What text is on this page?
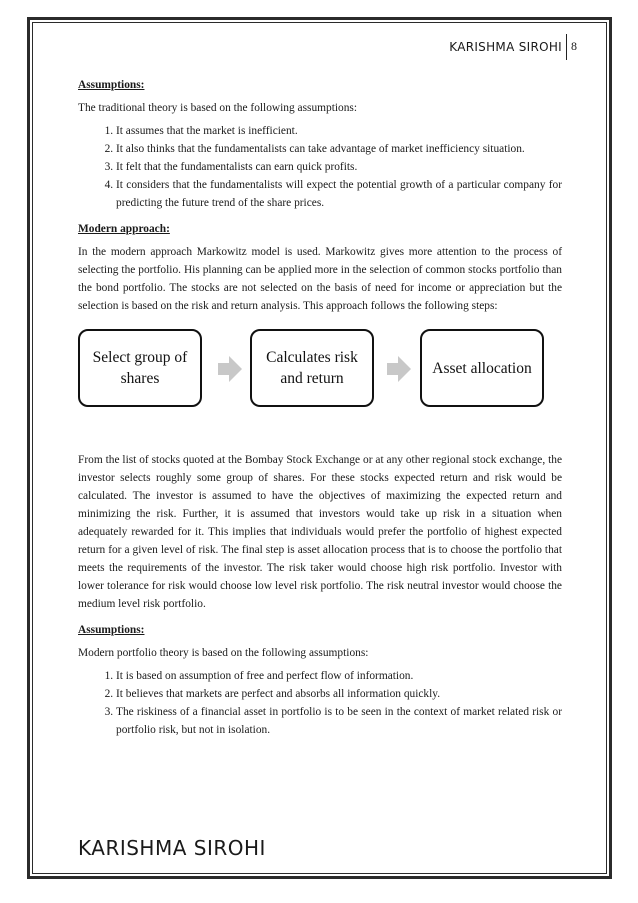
KARISHMA SIROHI 8
Assumptions:

The traditional theory is based on the following assumptions:

1. It assumes that the market is inefficient.
2. It also thinks that the fundamentalists can take advantage of market inefficiency situation.
3. It felt that the fundamentalists can earn quick profits.
4. It considers that the fundamentalists will expect the potential growth of a particular company for predicting the future trend of the share prices.
Modern approach:

In the modern approach Markowitz model is used. Markowitz gives more attention to the process of selecting the portfolio. His planning can be applied more in the selection of common stocks portfolio than the bond portfolio. The stocks are not selected on the basis of need for income or appreciation but the selection is based on the risk and return analysis. This approach follows the following steps:

Select group of shares
Calculates risk and return
Asset allocation

From the list of stocks quoted at the Bombay Stock Exchange or at any other regional stock exchange, the investor selects roughly some group of shares. For these stocks expected return and risk would be calculated. The investor is assumed to have the objectives of maximizing the expected return and minimizing the risk. Further, it is assumed that investors would take up risk in a situation when adequately rewarded for it. This implies that individuals would prefer the portfolio of highest expected return for a given level of risk. The final step is asset allocation process that is to choose the portfolio that meets the requirements of the investor. The risk taker would choose high risk portfolio. Investor with lower tolerance for risk would choose low level risk portfolio. The risk neutral investor would choose the medium level risk portfolio.

Assumptions:

Modern portfolio theory is based on the following assumptions:

1. It is based on assumption of free and perfect flow of information.
2. It believes that markets are perfect and absorbs all information quickly.
3. The riskiness of a financial asset in portfolio is to be seen in the context of market related risk or portfolio risk, but not in isolation.
KARISHMA SIROHI
